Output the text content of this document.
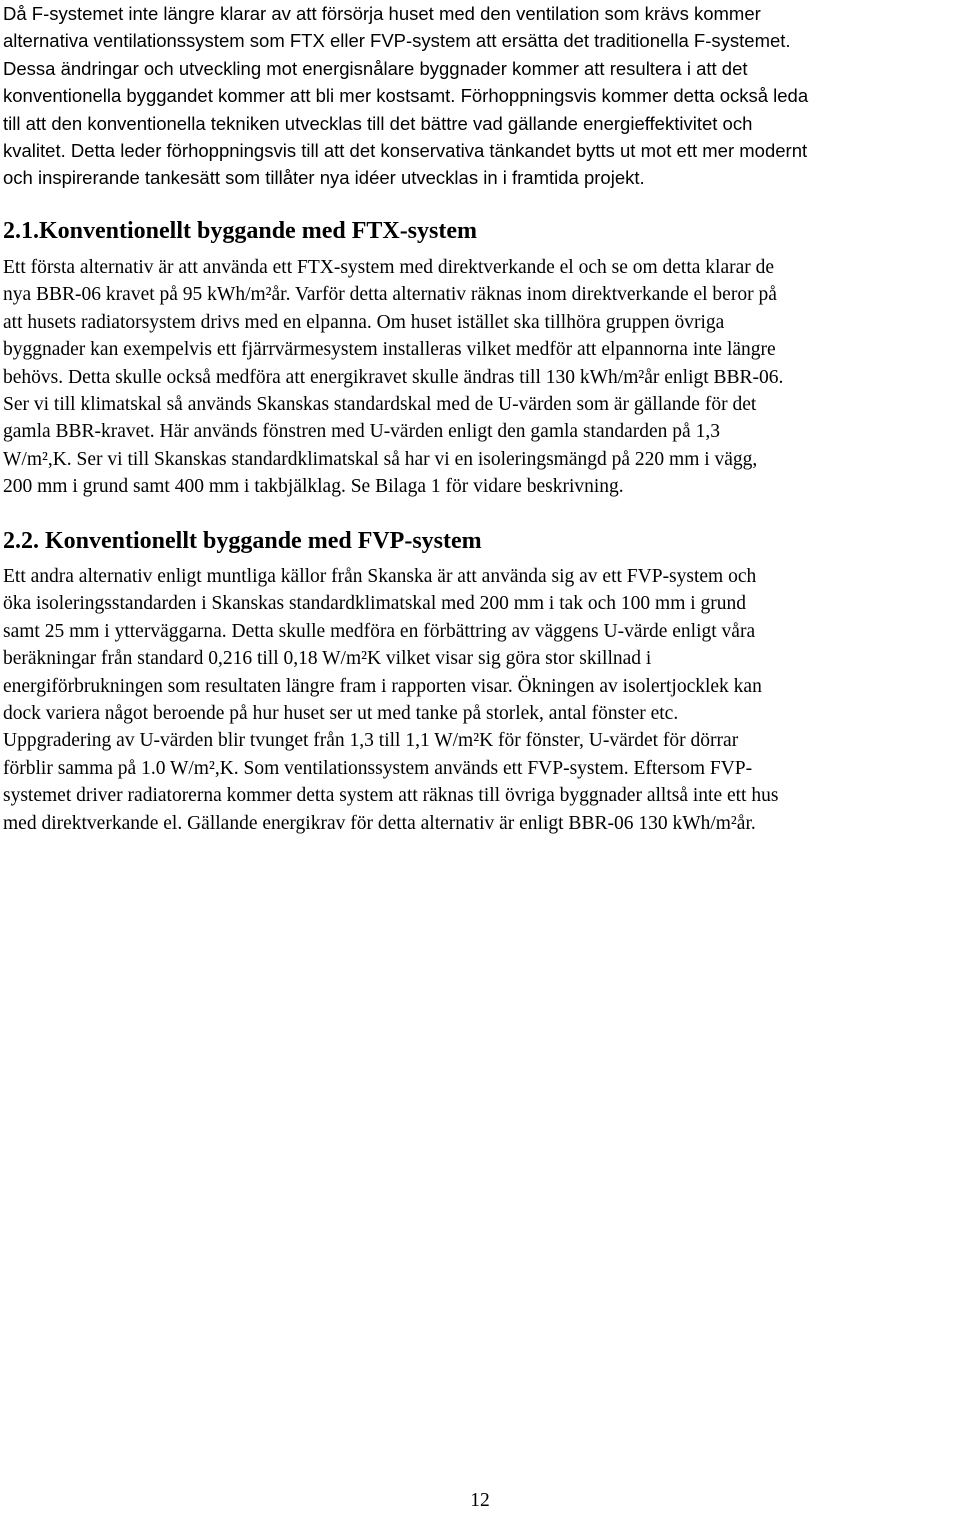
Då F-systemet inte längre klarar av att försörja huset med den ventilation som krävs kommer
alternativa ventilationssystem som FTX eller FVP-system att ersätta det traditionella F-systemet.
Dessa ändringar och utveckling mot energisnålare byggnader kommer att resultera i att det
konventionella byggandet kommer att bli mer kostsamt. Förhoppningsvis kommer detta också leda
till att den konventionella tekniken utvecklas till det bättre vad gällande energieffektivitet och
kvalitet. Detta leder förhoppningsvis till att det konservativa tänkandet bytts ut mot ett mer modernt
och inspirerande tankesätt som tillåter nya idéer utvecklas in i framtida projekt.
2.1.Konventionellt byggande med FTX-system
Ett första alternativ är att använda ett FTX-system med direktverkande el och se om detta klarar de
nya BBR-06 kravet på 95 kWh/m²år. Varför detta alternativ räknas inom direktverkande el beror på
att husets radiatorsystem drivs med en elpanna. Om huset istället ska tillhöra gruppen övriga
byggnader kan exempelvis ett fjärrvärmesystem installeras vilket medför att elpannorna inte längre
behövs. Detta skulle också medföra att energikravet skulle ändras till 130 kWh/m²år enligt BBR-06.
Ser vi till klimatskal så används Skanskas standardskal med de U-värden som är gällande för det
gamla BBR-kravet. Här används fönstren med U-värden enligt den gamla standarden på 1,3
W/m²,K. Ser vi till Skanskas standardklimatskal så har vi en isoleringsmängd på 220 mm i vägg,
200 mm i grund samt 400 mm i takbjälklag. Se Bilaga 1 för vidare beskrivning.
2.2. Konventionellt byggande med FVP-system
Ett andra alternativ enligt muntliga källor från Skanska är att använda sig av ett FVP-system och
öka isoleringsstandarden i Skanskas standardklimatskal med 200 mm i tak och 100 mm i grund
samt 25 mm i ytterväggarna. Detta skulle medföra en förbättring av väggens U-värde enligt våra
beräkningar från standard 0,216 till 0,18 W/m²K vilket visar sig göra stor skillnad i
energiförbrukningen som resultaten längre fram i rapporten visar. Ökningen av isolertjocklek kan
dock variera något beroende på hur huset ser ut med tanke på storlek, antal fönster etc.
Uppgradering av U-värden blir tvunget från 1,3 till 1,1 W/m²K för fönster, U-värdet för dörrar
förblir samma på 1.0 W/m²,K. Som ventilationssystem används ett FVP-system. Eftersom FVP-
systemet driver radiatorerna kommer detta system att räknas till övriga byggnader alltså inte ett hus
med direktverkande el. Gällande energikrav för detta alternativ är enligt BBR-06 130 kWh/m²år.

12
